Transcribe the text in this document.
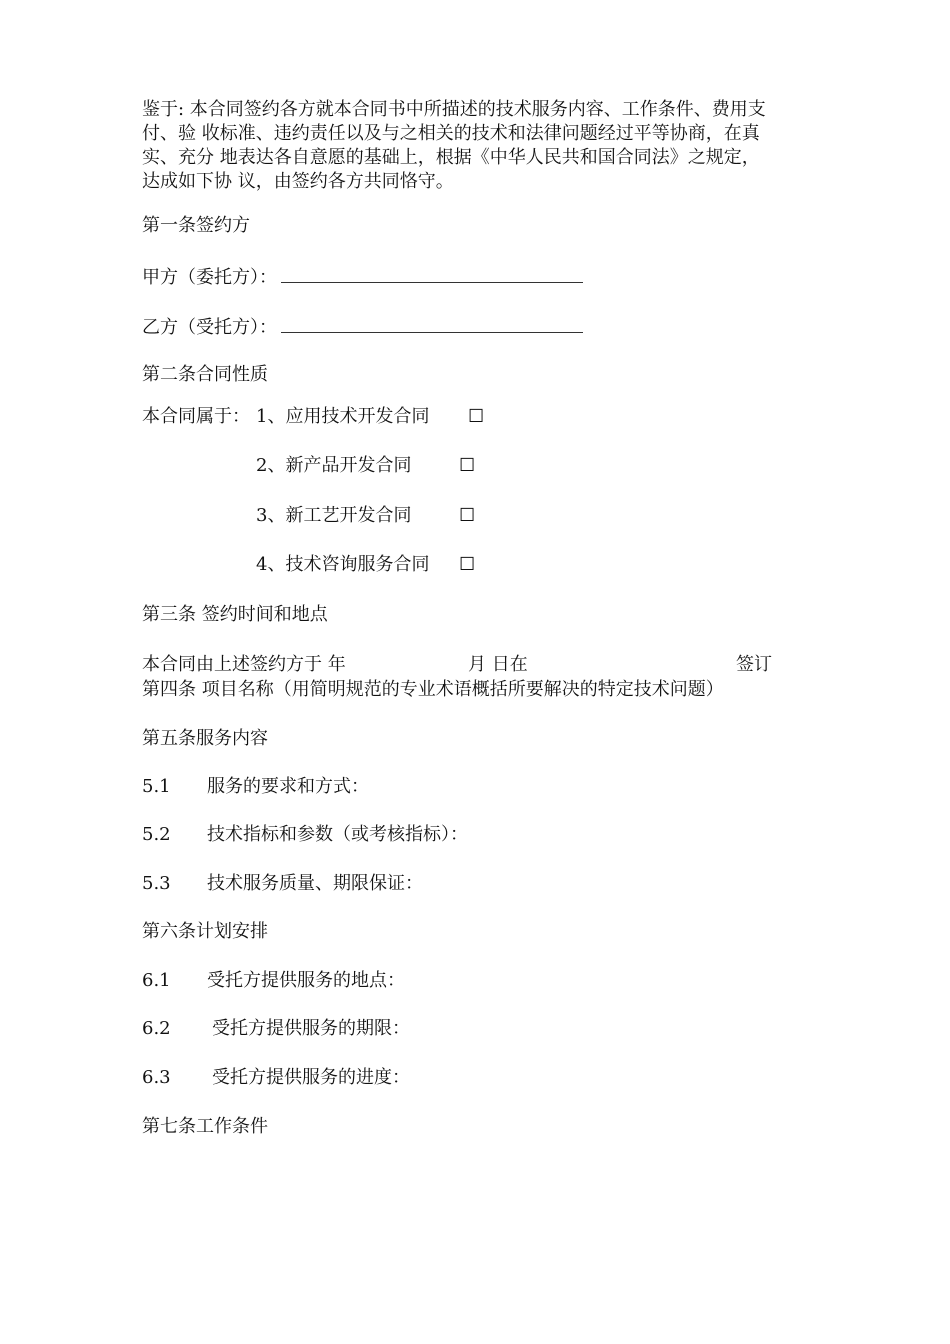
鉴于: 本合同签约各方就本合同书中所描述的技术服务内容、工作条件、费用支
付、验 收标准、违约责任以及与之相关的技术和法律问题经过平等协商，在真
实、充分 地表达各自意愿的基础上，根据《中华人民共和国合同法》之规定，
达成如下协 议，由签约各方共同恪守。
第一条签约方
甲方（委托方）：
乙方（受托方）：
第二条合同性质
本合同属于： 1、应用技术开发合同 ☐
2、新产品开发合同	☐
3、新工艺开发合同	☐
4、技术咨询服务合同 ☐
第三条 签约时间和地点
本合同由上述签约方于 年	月 日在	签订
第四条 项目名称（用简明规范的专业术语概括所要解决的特定技术问题）
第五条服务内容
5.1 服务的要求和方式：
5.2 技术指标和参数（或考核指标）：
5.3 技术服务质量、期限保证：
第六条计划安排
6.1 受托方提供服务的地点：
6.2 受托方提供服务的期限：
6.3 受托方提供服务的进度：
第七条工作条件
